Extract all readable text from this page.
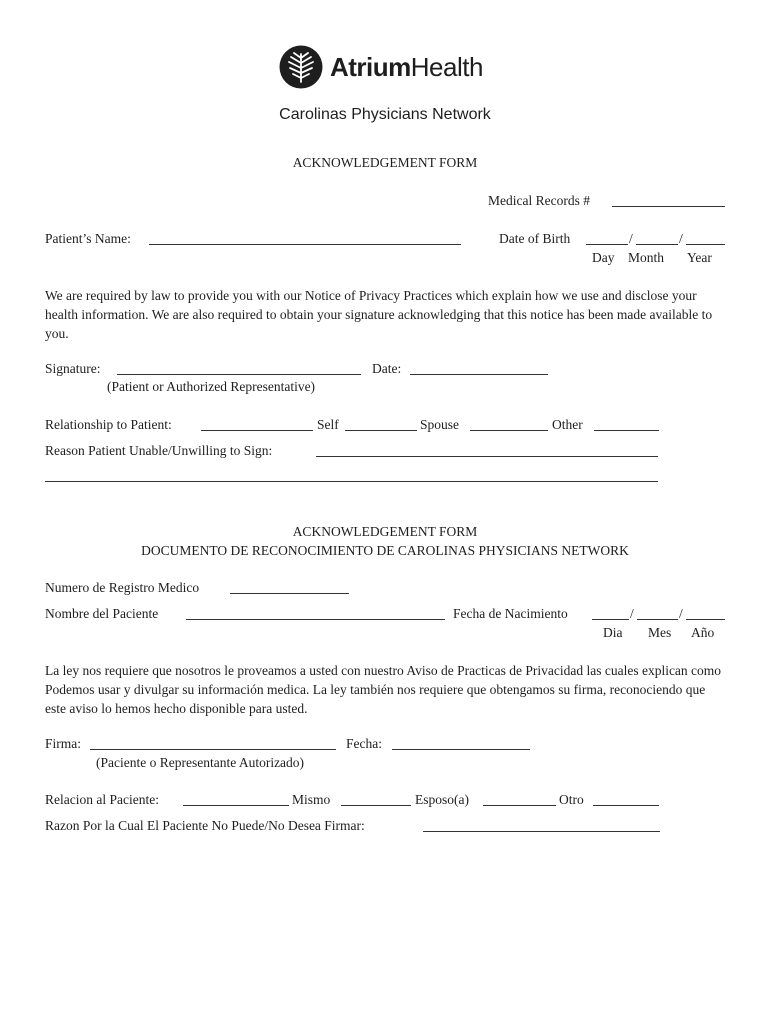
AtriumHealth
Carolinas Physicians Network
ACKNOWLEDGEMENT FORM
Medical Records #
Patient’s Name:	Date of Birth	/	/
Day Month Year
We are required by law to provide you with our Notice of Privacy Practices which explain how we use and disclose your health information. We are also required to obtain your signature acknowledging that this notice has been made available to you.
Signature:	Date:
(Patient or Authorized Representative)
Relationship to Patient:	Self	Spouse	Other
Reason Patient Unable/Unwilling to Sign:
ACKNOWLEDGEMENT FORM
DOCUMENTO DE RECONOCIMIENTO DE CAROLINAS PHYSICIANS NETWORK
Numero de Registro Medico
Nombre del Paciente	Fecha de Nacimiento	/	/
Dia Mes Año
La ley nos requiere que nosotros le proveamos a usted con nuestro Aviso de Practicas de Privacidad las cuales explican como Podemos usar y divulgar su información medica. La ley también nos requiere que obtengamos su firma, reconociendo que este aviso lo hemos hecho disponible para usted.
Firma:	Fecha:
(Paciente o Representante Autorizado)
Relacion al Paciente:	Mismo	Esposo(a)	Otro
Razon Por la Cual El Paciente No Puede/No Desea Firmar:
